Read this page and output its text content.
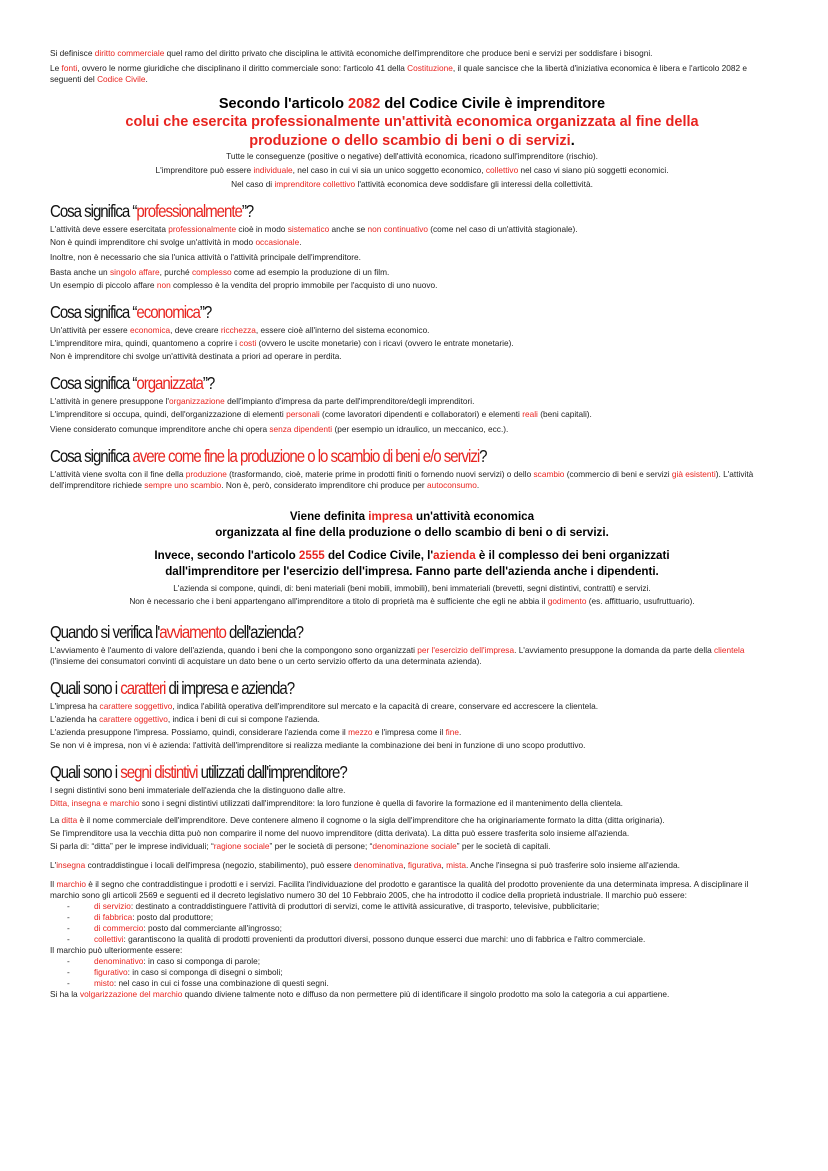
Si definisce diritto commerciale quel ramo del diritto privato che disciplina le attività economiche dell'imprenditore che produce beni e servizi per soddisfare i bisogni.

Le fonti, ovvero le norme giuridiche che disciplinano il diritto commerciale sono: l'articolo 41 della Costituzione, il quale sancisce che la libertà d'iniziativa economica è libera e l'articolo 2082 e seguenti del Codice Civile.

Secondo l'articolo 2082 del Codice Civile è imprenditore
colui che esercita professionalmente un'attività economica organizzata al fine della
produzione o dello scambio di beni o di servizi.

Tutte le conseguenze (positive o negative) dell'attività economica, ricadono sull'imprenditore (rischio).

L'imprenditore può essere individuale, nel caso in cui vi sia un unico soggetto economico, collettivo nel caso vi siano più soggetti economici.

Nel caso di imprenditore collettivo l'attività economica deve soddisfare gli interessi della collettività.

Cosa significa “professionalmente”?

L'attività deve essere esercitata professionalmente cioè in modo sistematico anche se non continuativo (come nel caso di un'attività stagionale).

Non è quindi imprenditore chi svolge un'attività in modo occasionale.

Inoltre, non è necessario che sia l'unica attività o l'attività principale dell'imprenditore.

Basta anche un singolo affare, purché complesso come ad esempio la produzione di un film.

Un esempio di piccolo affare non complesso è la vendita del proprio immobile per l'acquisto di uno nuovo.

Cosa significa “economica”?

Un'attività per essere economica, deve creare ricchezza, essere cioè all'interno del sistema economico.

L'imprenditore mira, quindi, quantomeno a coprire i costi (ovvero le uscite monetarie) con i ricavi (ovvero le entrate monetarie).

Non è imprenditore chi svolge un'attività destinata a priori ad operare in perdita.

Cosa significa “organizzata”?

L'attività in genere presuppone l'organizzazione dell'impianto d'impresa da parte dell'imprenditore/degli imprenditori.

L'imprenditore si occupa, quindi, dell'organizzazione di elementi personali (come lavoratori dipendenti e collaboratori) e elementi reali (beni capitali).

Viene considerato comunque imprenditore anche chi opera senza dipendenti (per esempio un idraulico, un meccanico, ecc.).

Cosa significa avere come fine la produzione o lo scambio di beni e/o servizi?

L'attività viene svolta con il fine della produzione (trasformando, cioè, materie prime in prodotti finiti o fornendo nuovi servizi) o dello scambio (commercio di beni e servizi già esistenti). L'attività dell'imprenditore richiede sempre uno scambio. Non è, però, considerato imprenditore chi produce per autoconsumo.

Viene definita impresa un'attività economica
organizzata al fine della produzione o dello scambio di beni o di servizi.
Invece, secondo l'articolo 2555 del Codice Civile, l'azienda è il complesso dei beni organizzati
dall'imprenditore per l'esercizio dell'impresa. Fanno parte dell'azienda anche i dipendenti.

L'azienda si compone, quindi, di: beni materiali (beni mobili, immobili), beni immateriali (brevetti, segni distintivi, contratti) e servizi.

Non è necessario che i beni appartengano all'imprenditore a titolo di proprietà ma è sufficiente che egli ne abbia il godimento (es. affittuario, usufruttuario).

Quando si verifica l'avviamento dell'azienda?

L'avviamento è l'aumento di valore dell'azienda, quando i beni che la compongono sono organizzati per l'esercizio dell'impresa. L'avviamento presuppone la domanda da parte della clientela (l'insieme dei consumatori convinti di acquistare un dato bene o un certo servizio offerto da una determinata azienda).

Quali sono i caratteri di impresa e azienda?

L'impresa ha carattere soggettivo, indica l'abilità operativa dell'imprenditore sul mercato e la capacità di creare, conservare ed accrescere la clientela.

L'azienda ha carattere oggettivo, indica i beni di cui si compone l'azienda.

L'azienda presuppone l'impresa. Possiamo, quindi, considerare l'azienda come il mezzo e l'impresa come il fine.

Se non vi è impresa, non vi è azienda: l'attività dell'imprenditore si realizza mediante la combinazione dei beni in funzione di uno scopo produttivo.

Quali sono i segni distintivi utilizzati dall'imprenditore?

I segni distintivi sono beni immateriale dell'azienda che la distinguono dalle altre.

Ditta, insegna e marchio sono i segni distintivi utilizzati dall'imprenditore: la loro funzione è quella di favorire la formazione ed il mantenimento della clientela.

La ditta è il nome commerciale dell'imprenditore. Deve contenere almeno il cognome o la sigla dell'imprenditore che ha originariamente formato la ditta (ditta originaria).

Se l'imprenditore usa la vecchia ditta può non comparire il nome del nuovo imprenditore (ditta derivata). La ditta può essere trasferita solo insieme all'azienda.

Si parla di: “ditta” per le imprese individuali; “ragione sociale” per le società di persone; “denominazione sociale” per le società di capitali.

L'insegna contraddistingue i locali dell'impresa (negozio, stabilimento), può essere denominativa, figurativa, mista. Anche l'insegna si può trasferire solo insieme all'azienda.

Il marchio è il segno che contraddistingue i prodotti e i servizi. Facilita l'individuazione del prodotto e garantisce la qualità del prodotto proveniente da una determinata impresa. A disciplinare il marchio sono gli articoli 2569 e seguenti ed il decreto legislativo numero 30 del 10 Febbraio 2005, che ha introdotto il codice della proprietà industriale. Il marchio può essere:

-	di servizio: destinato a contraddistinguere l'attività di produttori di servizi, come le attività assicurative, di trasporto, televisive, pubblicitarie;

-	di fabbrica: posto dal produttore;

-	di commercio: posto dal commerciante all'ingrosso;

-	collettivi: garantiscono la qualità di prodotti provenienti da produttori diversi, possono dunque esserci due marchi: uno di fabbrica e l'altro commerciale.

Il marchio può ulteriormente essere:

-	denominativo: in caso si componga di parole;

-	figurativo: in caso si componga di disegni o simboli;

-	misto: nel caso in cui ci fosse una combinazione di questi segni.

Si ha la volgarizzazione del marchio quando diviene talmente noto e diffuso da non permettere più di identificare il singolo prodotto ma solo la categoria a cui appartiene.
